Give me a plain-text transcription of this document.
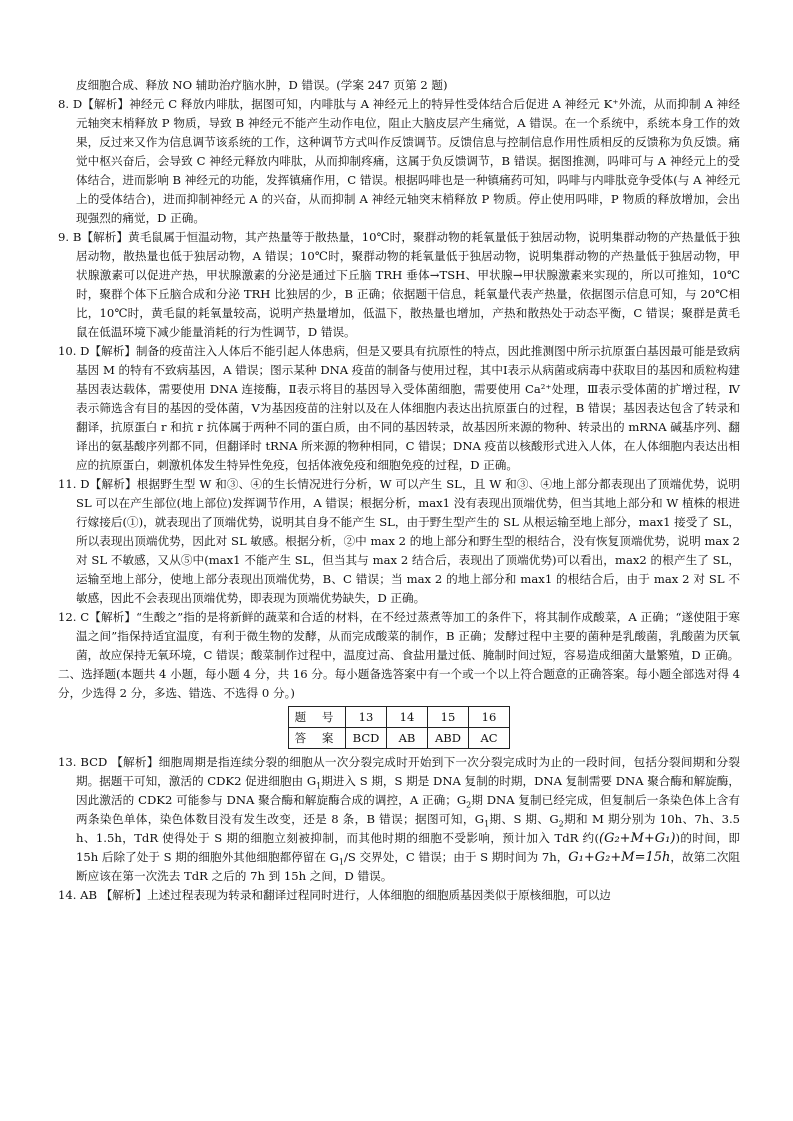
皮细胞合成、释放 NO 辅助治疗脑水肿，D 错误。(学案 247 页第 2 题)

8. D【解析】神经元 C 释放内啡肽，据图可知，内啡肽与 A 神经元上的特异性受体结合后促进 A 神经元 K⁺外流，从而抑制 A 神经元轴突末梢释放 P 物质，导致 B 神经元不能产生动作电位，阻止大脑皮层产生痛觉，A 错误。在一个系统中，系统本身工作的效果，反过来又作为信息调节该系统的工作，这种调节方式叫作反馈调节。反馈信息与控制信息作用性质相反的反馈称为负反馈。痛觉中枢兴奋后，会导致 C 神经元释放内啡肽，从而抑制疼痛，这属于负反馈调节，B 错误。据图推测，吗啡可与 A 神经元上的受体结合，进而影响 B 神经元的功能，发挥镇痛作用，C 错误。根据吗啡也是一种镇痛药可知，吗啡与内啡肽竞争受体(与 A 神经元上的受体结合)，进而抑制神经元 A 的兴奋，从而抑制 A 神经元轴突末梢释放 P 物质。停止使用吗啡，P 物质的释放增加，会出现强烈的痛觉，D 正确。

9. B【解析】黄毛鼠属于恒温动物，其产热量等于散热量，10℃时，聚群动物的耗氧量低于独居动物，说明集群动物的产热量低于独居动物，散热量也低于独居动物，A 错误；10℃时，聚群动物的耗氧量低于独居动物，说明集群动物的产热量低于独居动物，甲状腺激素可以促进产热，甲状腺激素的分泌是通过下丘脑 TRH 垂体→TSH、甲状腺→甲状腺激素来实现的，所以可推知，10℃时，聚群个体下丘脑合成和分泌 TRH 比独居的少，B 正确；依据题干信息，耗氧量代表产热量，依据图示信息可知，与 20℃相比，10℃时，黄毛鼠的耗氧量较高，说明产热量增加，低温下，散热量也增加，产热和散热处于动态平衡，C 错误；聚群是黄毛鼠在低温环境下减少能量消耗的行为性调节，D 错误。

10. D【解析】制备的疫苗注入人体后不能引起人体患病，但是又要具有抗原性的特点，因此推测图中所示抗原蛋白基因最可能是致病基因 M 的特有不致病基因，A 错误；图示某种 DNA 疫苗的制备与使用过程，其中Ⅰ表示从病菌或病毒中获取目的基因和质粒构建基因表达载体，需要使用 DNA 连接酶，Ⅱ表示将目的基因导入受体菌细胞，需要使用 Ca²⁺处理，Ⅲ表示受体菌的扩增过程，Ⅳ表示筛选含有目的基因的受体菌，Ⅴ为基因疫苗的注射以及在人体细胞内表达出抗原蛋白的过程，B 错误；基因表达包含了转录和翻译，抗原蛋白 r 和抗 r 抗体属于两种不同的蛋白质，由不同的基因转录，故基因所来源的物种、转录出的 mRNA 碱基序列、翻译出的氨基酸序列都不同，但翻译时 tRNA 所来源的物种相同，C 错误；DNA 疫苗以核酸形式进入人体，在人体细胞内表达出相应的抗原蛋白，刺激机体发生特异性免疫，包括体液免疫和细胞免疫的过程，D 正确。

11. D【解析】根据野生型 W 和③、④的生长情况进行分析，W 可以产生 SL，且 W 和③、④地上部分都表现出了顶端优势，说明 SL 可以在产生部位(地上部位)发挥调节作用，A 错误；根据分析，max1 没有表现出顶端优势，但当其地上部分和 W 植株的根进行嫁接后(①)，就表现出了顶端优势，说明其自身不能产生 SL，由于野生型产生的 SL 从根运输至地上部分，max1 接受了 SL，所以表现出顶端优势，因此对 SL 敏感。根据分析，②中 max 2 的地上部分和野生型的根结合，没有恢复顶端优势，说明 max 2 对 SL 不敏感，又从⑤中(max1 不能产生 SL，但当其与 max 2 结合后，表现出了顶端优势)可以看出，max2 的根产生了 SL，运输至地上部分，使地上部分表现出顶端优势，B、C 错误；当 max 2 的地上部分和 max1 的根结合后，由于 max 2 对 SL 不敏感，因此不会表现出顶端优势，即表现为顶端优势缺失，D 正确。

12. C【解析】“生酸之”指的是将新鲜的蔬菜和合适的材料，在不经过蒸煮等加工的条件下，将其制作成酸菜，A 正确；“遂使阻于寒温之间”指保持适宜温度，有利于微生物的发酵，从而完成酸菜的制作，B 正确；发酵过程中主要的菌种是乳酸菌，乳酸菌为厌氧菌，故应保持无氧环境，C 错误；酸菜制作过程中，温度过高、食盐用量过低、腌制时间过短，容易造成细菌大量繁殖，D 正确。

二、选择题(本题共 4 小题，每小题 4 分，共 16 分。每小题备选答案中有一个或一个以上符合题意的正确答案。每小题全部选对得 4 分，少选得 2 分，多选、错选、不选得 0 分。)

题 号	13	14	15	16
答 案	BCD	AB	ABD	AC

13. BCD 【解析】细胞周期是指连续分裂的细胞从一次分裂完成时开始到下一次分裂完成时为止的一段时间，包括分裂间期和分裂期。据题干可知，激活的 CDK2 促进细胞由 $G_1$期进入 S 期，S 期是 DNA 复制的时期，DNA 复制需要 DNA 聚合酶和解旋酶，因此激活的 CDK2 可能参与 DNA 聚合酶和解旋酶合成的调控，A 正确；$G_2$期 DNA 复制已经完成，但复制后一条染色体上含有两条染色单体，染色体数目没有发生改变，还是 8 条，B 错误；据图可知，$G_1$期、S 期、$G_2$期和 M 期分别为 10h、7h、3.5 h、1.5h，TdR 使得处于 S 期的细胞立刻被抑制，而其他时期的细胞不受影响，预计加入 TdR 约((G₂+M+G₁))的时间，即 15h 后除了处于 S 期的细胞外其他细胞都停留在 $G_1/S$ 交界处，C 错误；由于 S 期时间为 7h，G₁+G₂+M=15h，故第二次阻断应该在第一次洗去 TdR 之后的 7h 到 15h 之间，D 错误。

14. AB 【解析】上述过程表现为转录和翻译过程同时进行，人体细胞的细胞质基因类似于原核细胞，可以边
